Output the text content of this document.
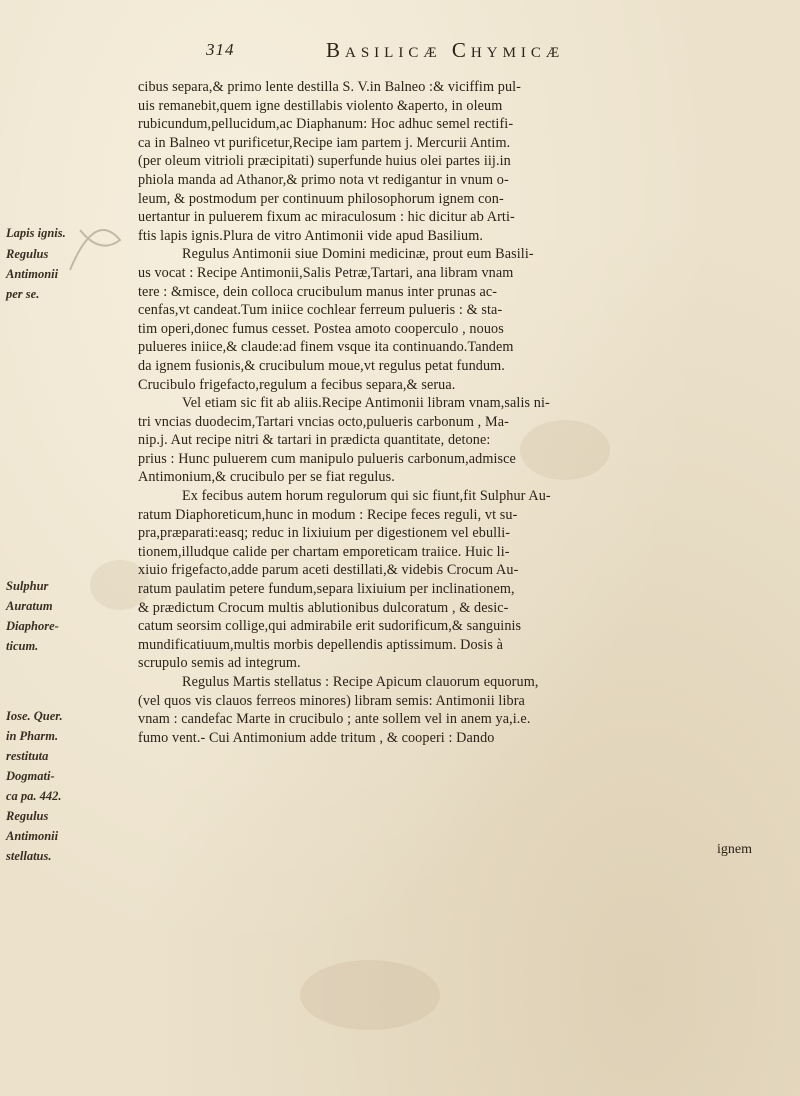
314	Basilicæ Chymicæ
Lapis ignis.
Regulus
Antimonii
per se.
Sulphur
Auratum
Diaphore-
ticum.
Iose. Quer.
in Pharm.
restituta
Dogmati-
ca pa. 442.
Regulus
Antimonii
stellatus.
cibus separa,& primo lente destilla S. V.in Balneo :& viciffim pul-
uis remanebit,quem igne destillabis violento &aperto, in oleum
rubicundum,pellucidum,ac Diaphanum: Hoc adhuc semel rectifi-
ca in Balneo vt purificetur,Recipe iam partem j. Mercurii Antim.
(per oleum vitrioli præcipitati) superfunde huius olei partes iij.in
phiola manda ad Athanor,& primo nota vt redigantur in vnum o-
leum, & postmodum per continuum philosophorum ignem con-
uertantur in puluerem fixum ac miraculosum : hic dicitur ab Arti-
ftis lapis ignis.Plura de vitro Antimonii vide apud Basilium.
Regulus Antimonii siue Domini medicinæ, prout eum Basili-
us vocat : Recipe Antimonii,Salis Petræ,Tartari, ana libram vnam
tere : &misce, dein colloca crucibulum manus inter prunas ac-
cenfas,vt candeat.Tum iniice cochlear ferreum pulueris : & sta-
tim operi,donec fumus cesset. Postea amoto cooperculo , nouos
pulueres iniice,& claude:ad finem vsque ita continuando.Tandem
da ignem fusionis,& crucibulum moue,vt regulus petat fundum.
Crucibulo frigefacto,regulum a fecibus separa,& serua.
Vel etiam sic fit ab aliis.Recipe Antimonii libram vnam,salis ni-
tri vncias duodecim,Tartari vncias octo,pulueris carbonum , Ma-
nip.j. Aut recipe nitri & tartari in prædicta quantitate, detone:
prius : Hunc puluerem cum manipulo pulueris carbonum,admisce
Antimonium,& crucibulo per se fiat regulus.
Ex fecibus autem horum regulorum qui sic fiunt,fit Sulphur Au-
ratum Diaphoreticum,hunc in modum : Recipe feces reguli, vt su-
pra,præparati:easq; reduc in lixiuium per digestionem vel ebulli-
tionem,illudque calide per chartam emporeticam traiice. Huic li-
xiuio frigefacto,adde parum aceti destillati,& videbis Crocum Au-
ratum paulatim petere fundum,separa lixiuium per inclinationem,
& prædictum Crocum multis ablutionibus dulcoratum , & desic-
catum seorsim collige,qui admirabile erit sudorificum,& sanguinis
mundificatiuum,multis morbis depellendis aptissimum. Dosis à
scrupulo semis ad integrum.
Regulus Martis stellatus : Recipe Apicum clauorum equorum,
(vel quos vis clauos ferreos minores) libram semis: Antimonii libra
vnam : candefac Marte in crucibulo ; ante sollem vel in anem ya,i.e.
fumo vent.- Cui Antimonium adde tritum , & cooperi : Dando
ignem
